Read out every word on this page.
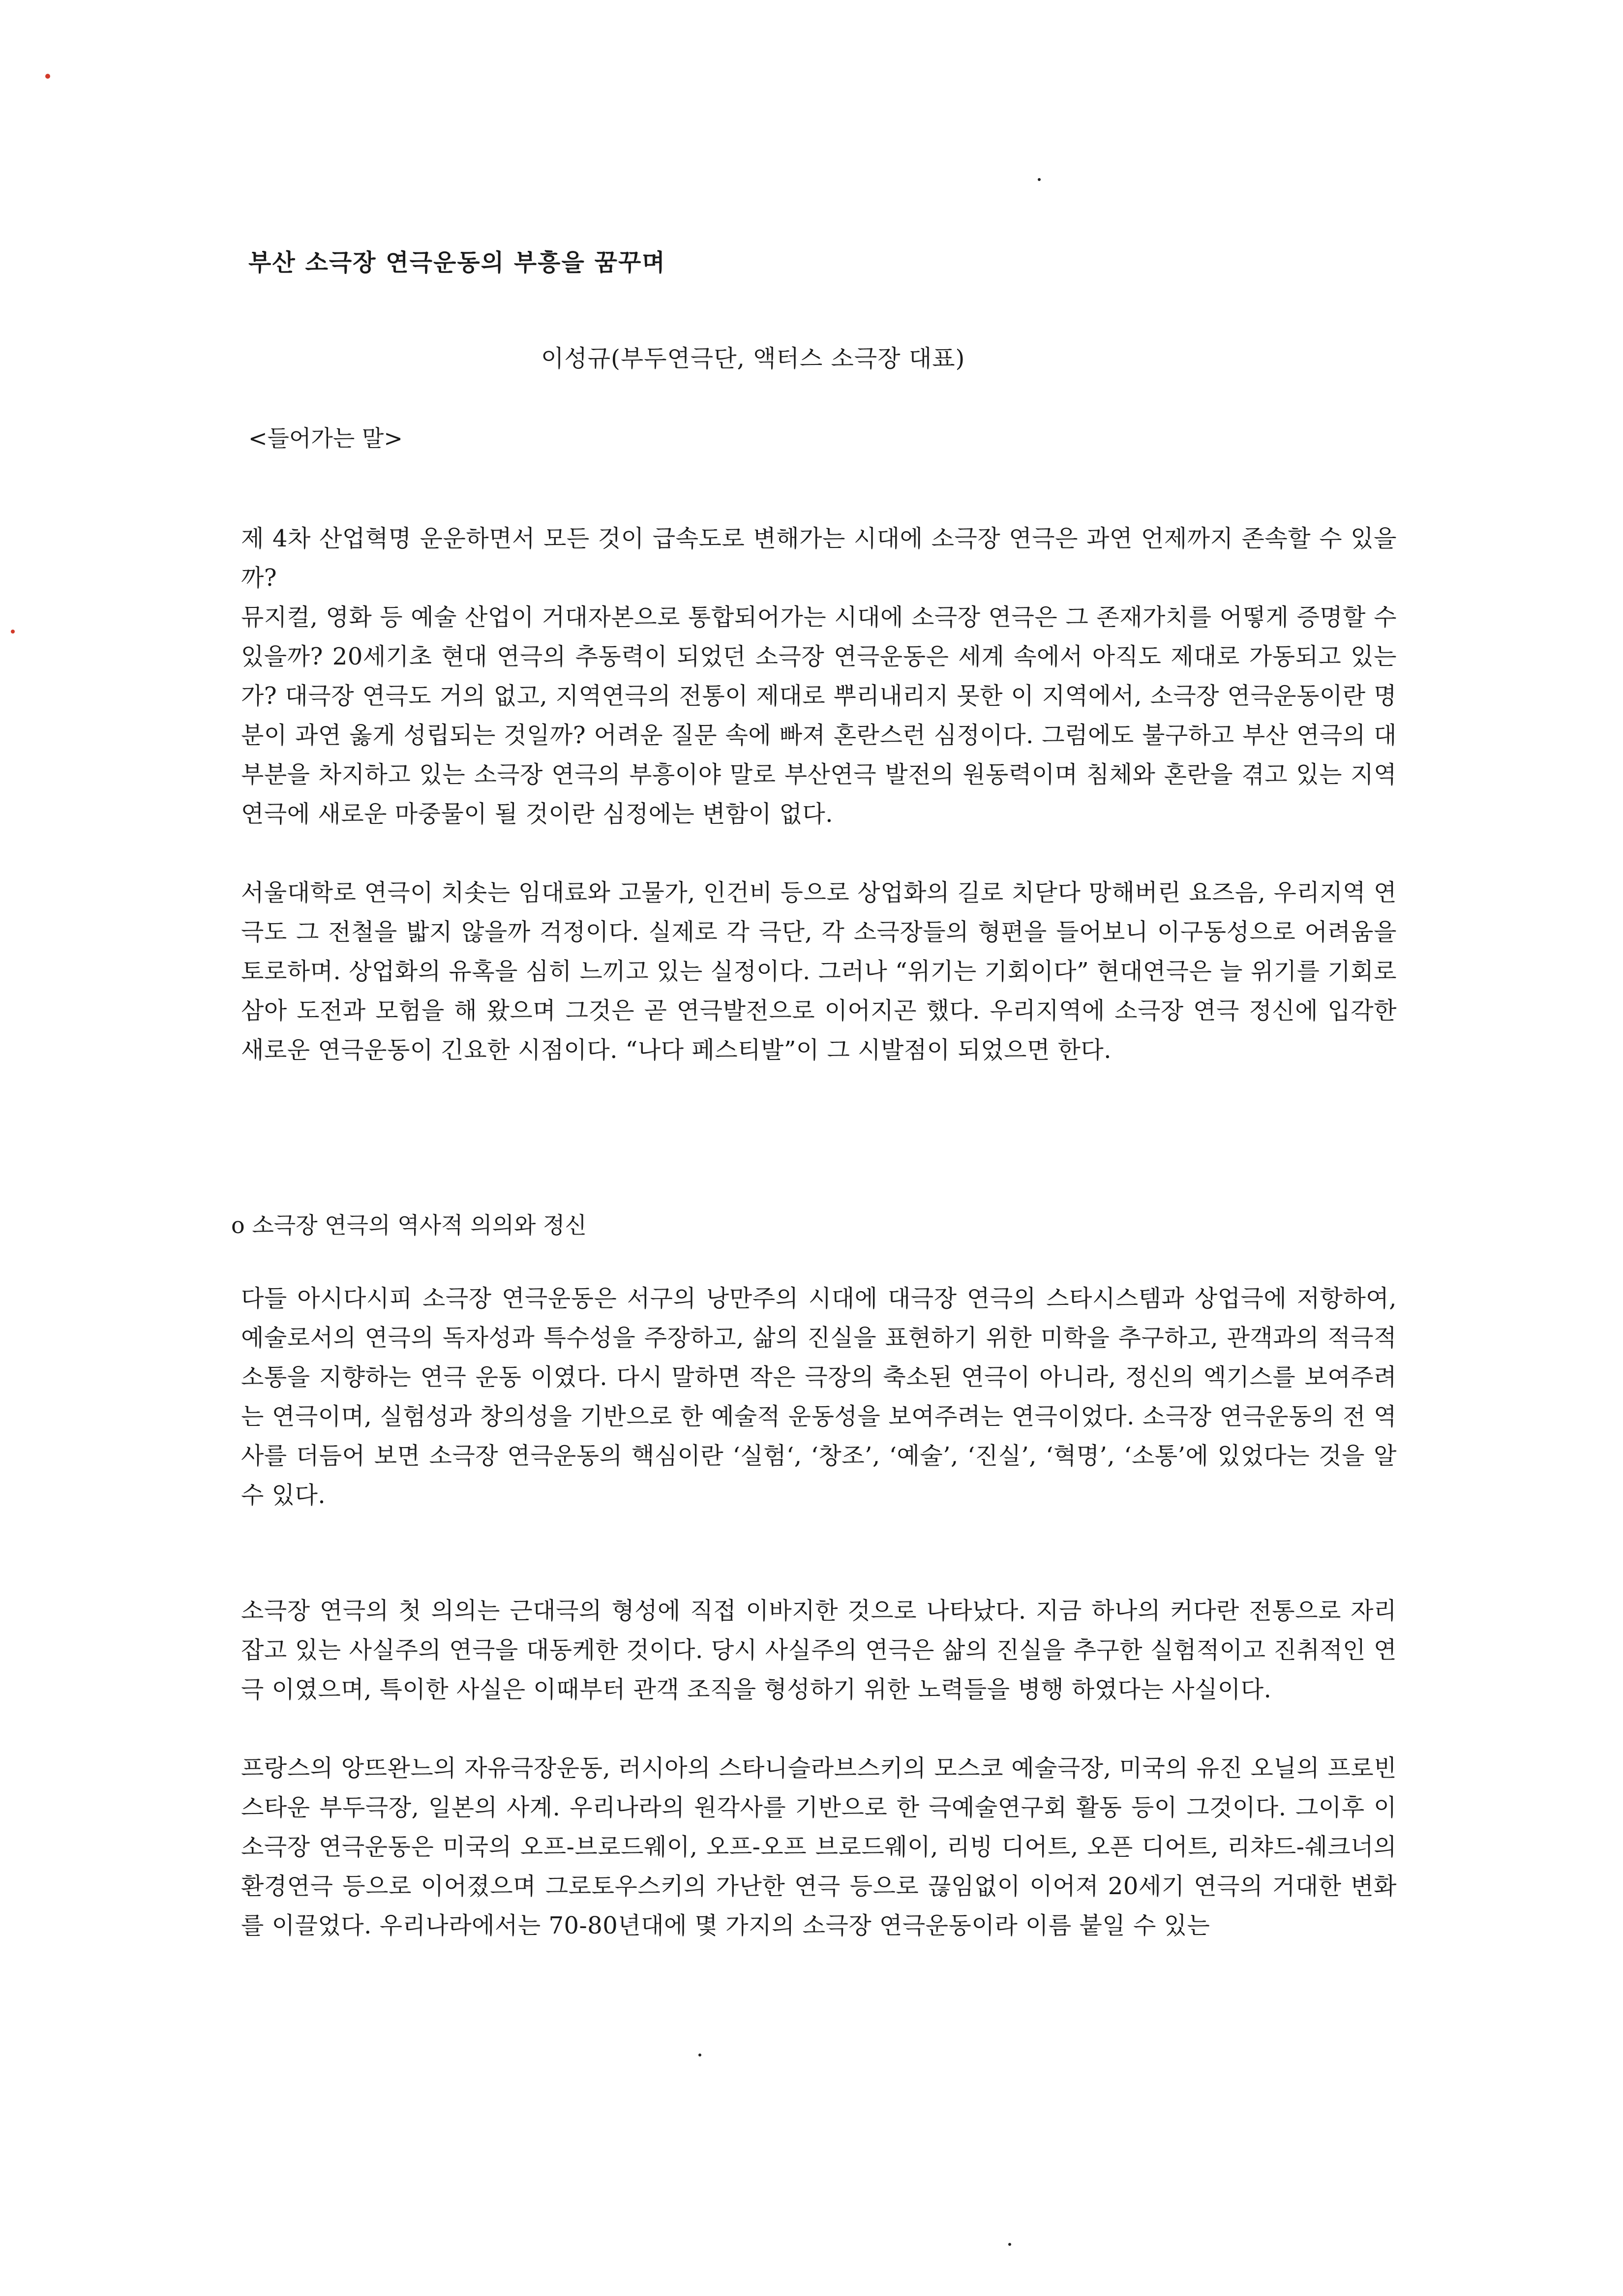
부산 소극장 연극운동의 부흥을 꿈꾸며
이성규(부두연극단, 액터스 소극장 대표)
<들어가는 말>
제 4차 산업혁명 운운하면서 모든 것이 급속도로 변해가는 시대에 소극장 연극은 과연 언제까지 존속할 수 있을까?
뮤지컬, 영화 등 예술 산업이 거대자본으로 통합되어가는 시대에 소극장 연극은 그 존재가치를 어떻게 증명할 수 있을까? 20세기초 현대 연극의 추동력이 되었던 소극장 연극운동은 세계 속에서 아직도 제대로 가동되고 있는가? 대극장 연극도 거의 없고, 지역연극의 전통이 제대로 뿌리내리지 못한 이 지역에서, 소극장 연극운동이란 명분이 과연 옳게 성립되는 것일까? 어려운 질문 속에 빠져 혼란스런 심정이다. 그럼에도 불구하고 부산 연극의 대부분을 차지하고 있는 소극장 연극의 부흥이야 말로 부산연극 발전의 원동력이며 침체와 혼란을 겪고 있는 지역연극에 새로운 마중물이 될 것이란 심정에는 변함이 없다.
서울대학로 연극이 치솟는 임대료와 고물가, 인건비 등으로 상업화의 길로 치닫다 망해버린 요즈음, 우리지역 연극도 그 전철을 밟지 않을까 걱정이다. 실제로 각 극단, 각 소극장들의 형편을 들어보니 이구동성으로 어려움을 토로하며. 상업화의 유혹을 심히 느끼고 있는 실정이다. 그러나 “위기는 기회이다” 현대연극은 늘 위기를 기회로 삼아 도전과 모험을 해 왔으며 그것은 곧 연극발전으로 이어지곤 했다. 우리지역에 소극장 연극 정신에 입각한 새로운 연극운동이 긴요한 시점이다. “나다 페스티발”이 그 시발점이 되었으면 한다.
o 소극장 연극의 역사적 의의와 정신
다들 아시다시피 소극장 연극운동은 서구의 낭만주의 시대에 대극장 연극의 스타시스템과 상업극에 저항하여, 예술로서의 연극의 독자성과 특수성을 주장하고, 삶의 진실을 표현하기 위한 미학을 추구하고, 관객과의 적극적 소통을 지향하는 연극 운동 이였다. 다시 말하면 작은 극장의 축소된 연극이 아니라, 정신의 엑기스를 보여주려는 연극이며, 실험성과 창의성을 기반으로 한 예술적 운동성을 보여주려는 연극이었다. 소극장 연극운동의 전 역사를 더듬어 보면 소극장 연극운동의 핵심이란 ‘실험‘, ‘창조’, ‘예술’, ‘진실’, ‘혁명’, ‘소통’에 있었다는 것을 알 수 있다.
소극장 연극의 첫 의의는 근대극의 형성에 직접 이바지한 것으로 나타났다. 지금 하나의 커다란 전통으로 자리 잡고 있는 사실주의 연극을 대동케한 것이다. 당시 사실주의 연극은 삶의 진실을 추구한 실험적이고 진취적인 연극 이였으며, 특이한 사실은 이때부터 관객 조직을 형성하기 위한 노력들을 병행 하였다는 사실이다.
프랑스의 앙뜨완느의 자유극장운동, 러시아의 스타니슬라브스키의 모스코 예술극장, 미국의 유진 오닐의 프로빈스타운 부두극장, 일본의 사계. 우리나라의 원각사를 기반으로 한 극예술연구회 활동 등이 그것이다. 그이후 이 소극장 연극운동은 미국의 오프-브로드웨이, 오프-오프 브로드웨이, 리빙 디어트, 오픈 디어트, 리챠드-쉐크너의 환경연극 등으로 이어졌으며 그로토우스키의 가난한 연극 등으로 끊임없이 이어져 20세기 연극의 거대한 변화를 이끌었다. 우리나라에서는 70-80년대에 몇 가지의 소극장 연극운동이라 이름 붙일 수 있는
